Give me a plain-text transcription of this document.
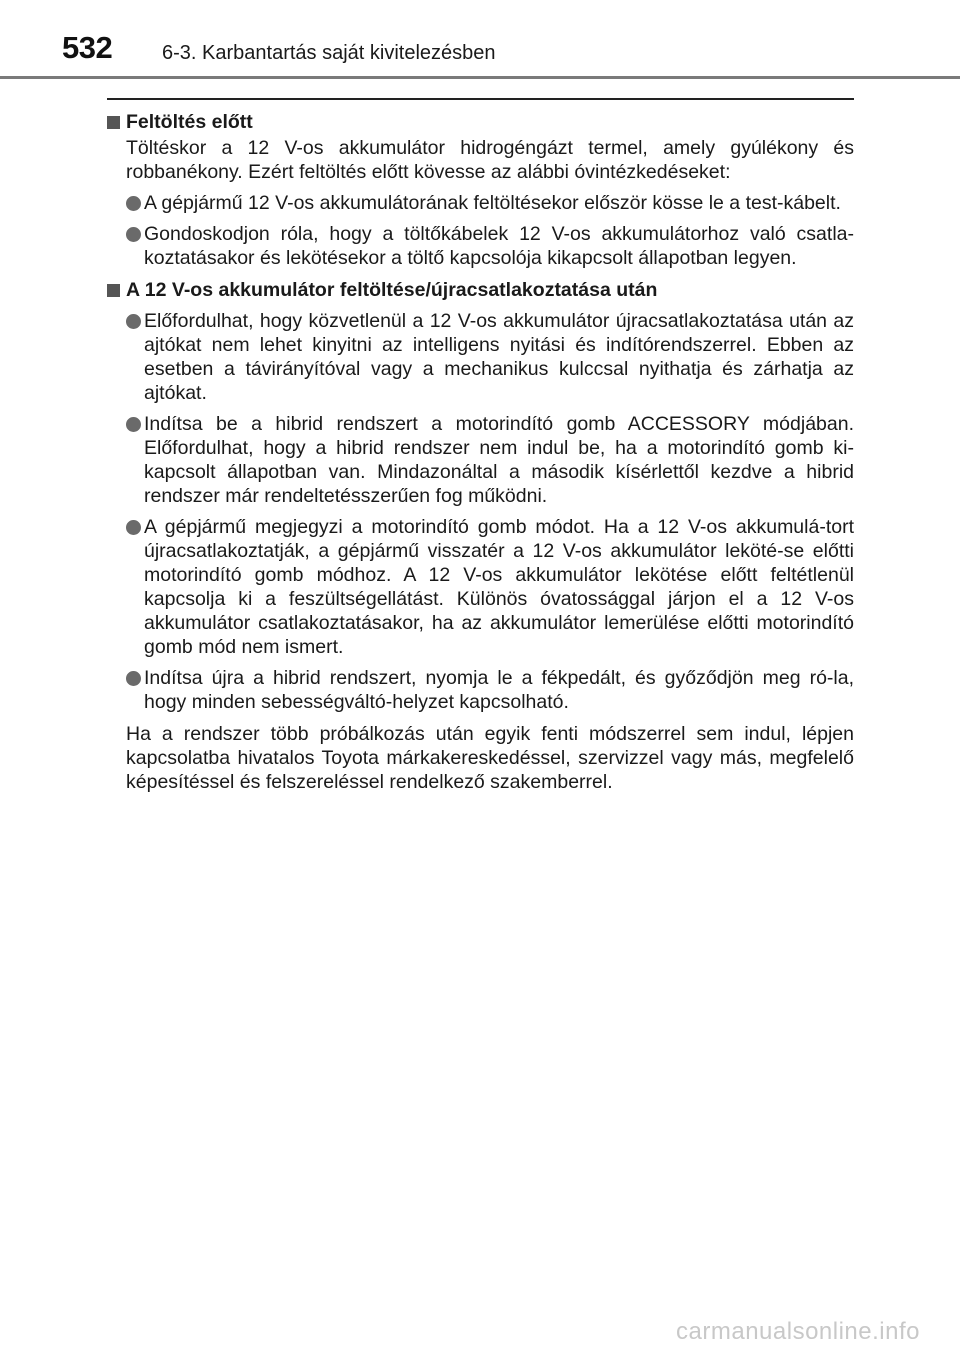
532 6-3. Karbantartás saját kivitelezésben
Feltöltés előtt
Töltéskor a 12 V-os akkumulátor hidrogéngázt termel, amely gyúlékony és robbanékony. Ezért feltöltés előtt kövesse az alábbi óvintézkedéseket:
A gépjármű 12 V-os akkumulátorának feltöltésekor először kösse le a test-kábelt.
Gondoskodjon róla, hogy a töltőkábelek 12 V-os akkumulátorhoz való csatla-koztatásakor és lekötésekor a töltő kapcsolója kikapcsolt állapotban legyen.
A 12 V-os akkumulátor feltöltése/újracsatlakoztatása után
Előfordulhat, hogy közvetlenül a 12 V-os akkumulátor újracsatlakoztatása után az ajtókat nem lehet kinyitni az intelligens nyitási és indítórendszerrel. Ebben az esetben a távirányítóval vagy a mechanikus kulccsal nyithatja és zárhatja az ajtókat.
Indítsa be a hibrid rendszert a motorindító gomb ACCESSORY módjában. Előfordulhat, hogy a hibrid rendszer nem indul be, ha a motorindító gomb ki-kapcsolt állapotban van. Mindazonáltal a második kísérlettől kezdve a hibrid rendszer már rendeltetésszerűen fog működni.
A gépjármű megjegyzi a motorindító gomb módot. Ha a 12 V-os akkumulá-tort újracsatlakoztatják, a gépjármű visszatér a 12 V-os akkumulátor leköté-se előtti motorindító gomb módhoz. A 12 V-os akkumulátor lekötése előtt feltétlenül kapcsolja ki a feszültségellátást. Különös óvatossággal járjon el a 12 V-os akkumulátor csatlakoztatásakor, ha az akkumulátor lemerülése előtti motorindító gomb mód nem ismert.
Indítsa újra a hibrid rendszert, nyomja le a fékpedált, és győződjön meg ró-la, hogy minden sebességváltó-helyzet kapcsolható.
Ha a rendszer több próbálkozás után egyik fenti módszerrel sem indul, lépjen kapcsolatba hivatalos Toyota márkakereskedéssel, szervizzel vagy más, megfelelő képesítéssel és felszereléssel rendelkező szakemberrel.
carmanualsonline.info
